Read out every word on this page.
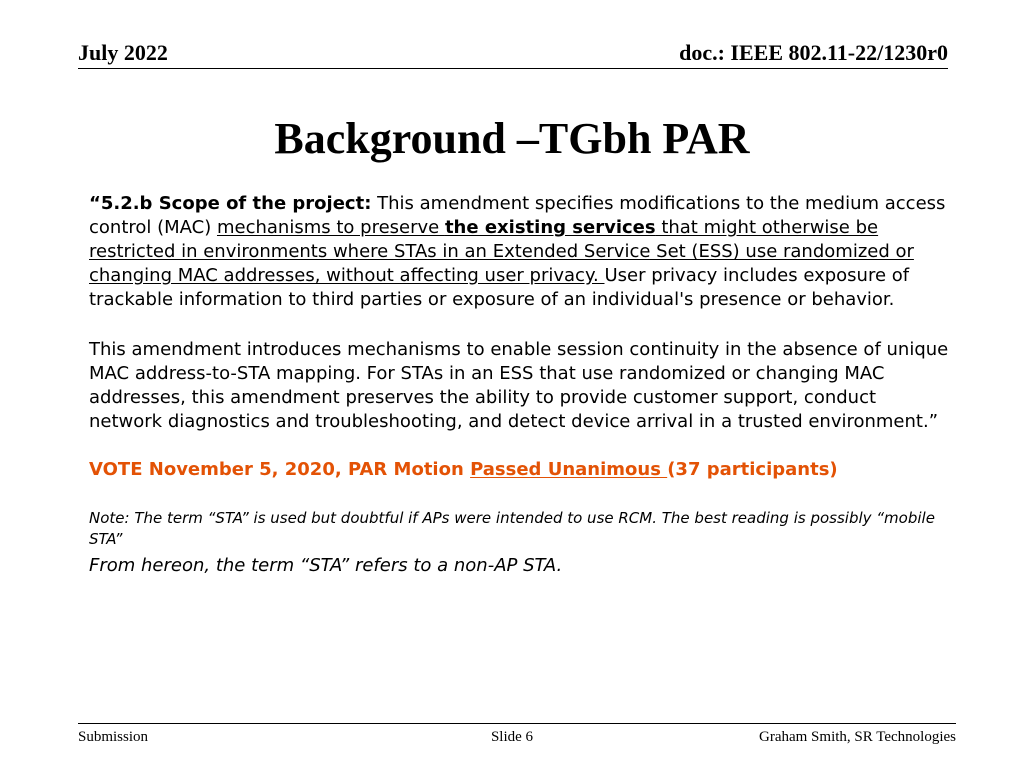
July 2022	doc.: IEEE 802.11-22/1230r0
Background –TGbh PAR

“5.2.b Scope of the project: This amendment specifies modifications to the medium access control (MAC) mechanisms to preserve the existing services that might otherwise be restricted in environments where STAs in an Extended Service Set (ESS) use randomized or changing MAC addresses, without affecting user privacy. User privacy includes exposure of trackable information to third parties or exposure of an individual's presence or behavior.

This amendment introduces mechanisms to enable session continuity in the absence of unique MAC address-to-STA mapping. For STAs in an ESS that use randomized or changing MAC addresses, this amendment preserves the ability to provide customer support, conduct network diagnostics and troubleshooting, and detect device arrival in a trusted environment.”

VOTE November 5, 2020, PAR Motion Passed Unanimous (37 participants)

Note: The term “STA” is used but doubtful if APs were intended to use RCM. The best reading is possibly “mobile STA”

From hereon, the term “STA” refers to a non-AP STA.

Submission	Slide 6	Graham Smith, SR Technologies
